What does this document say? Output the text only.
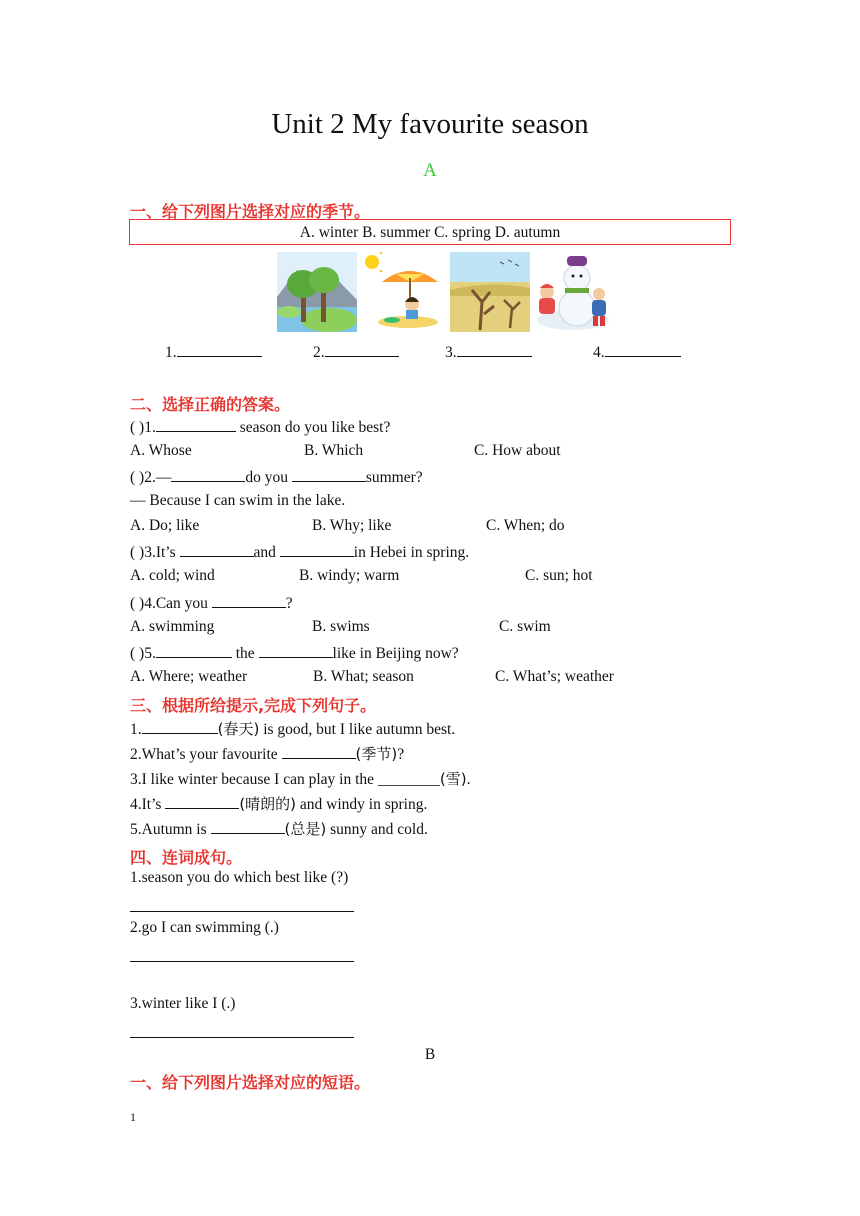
Unit 2 My favourite season
A
一、给下列图片选择对应的季节。
A. winter B. summer C. spring D. autumn
1.	2.	3.	4.
二、选择正确的答案。
( )1.	season do you like best?
A. Whose	B. Which	C. How about
( )2.—	do you	summer?
— Because I can swim in the lake.
A. Do; like	B. Why; like	C. When; do
( )3.It’s	and	in Hebei in spring.
A. cold; wind	B. windy; warm	C. sun; hot
( )4.Can you	?
A. swimming	B. swims	C. swim
( )5.	the	like in Beijing now?
A. Where; weather	B. What; season	C. What’s; weather
三、根据所给提示,完成下列句子。
1.	(春天) is good, but I like autumn best.
2.What’s your favourite	(季节)?
3.I like winter because I can play in the ________(雪).
4.It’s	(晴朗的) and windy in spring.
5.Autumn is	(总是) sunny and cold.
四、连词成句。
1.season you do which best like (?)
2.go I can swimming (.)
3.winter like I (.)
B
一、给下列图片选择对应的短语。
1
